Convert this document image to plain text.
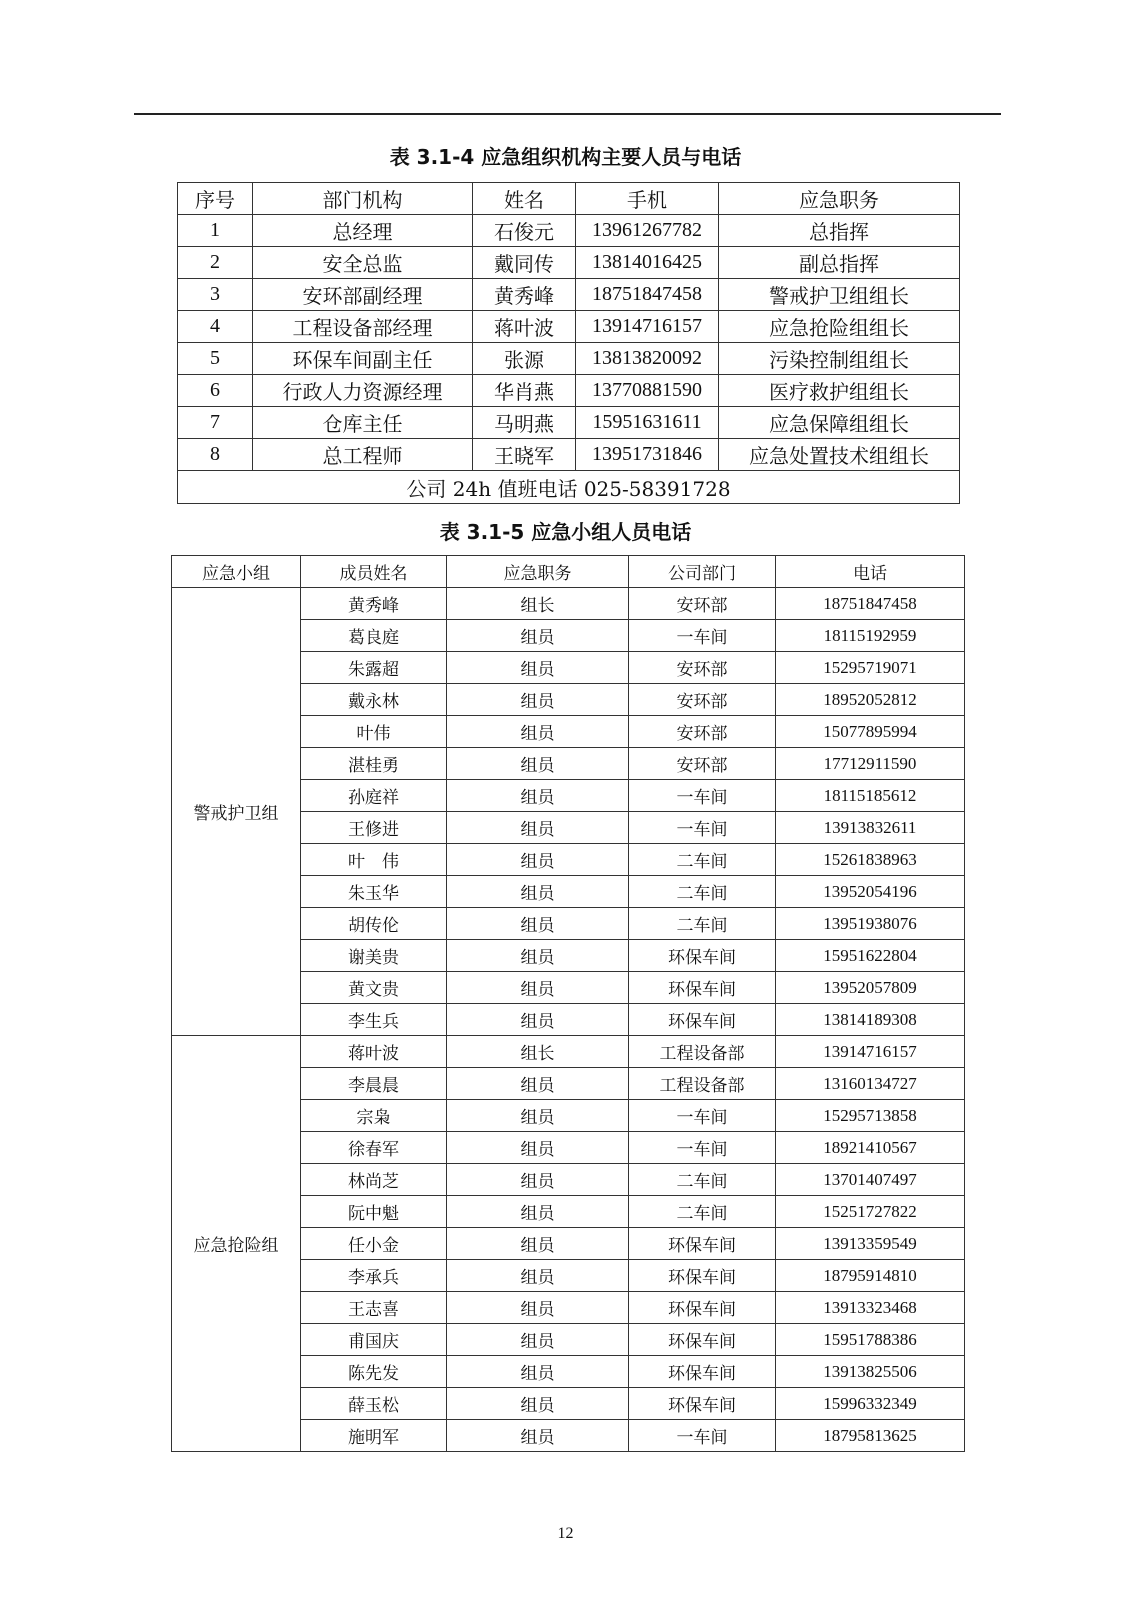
表 3.1-4 应急组织机构主要人员与电话
序号	部门机构	姓名	手机	应急职务
1	总经理	石俊元	13961267782	总指挥
2	安全总监	戴同传	13814016425	副总指挥
3	安环部副经理	黄秀峰	18751847458	警戒护卫组组长
4	工程设备部经理	蒋叶波	13914716157	应急抢险组组长
5	环保车间副主任	张源	13813820092	污染控制组组长
6	行政人力资源经理	华肖燕	13770881590	医疗救护组组长
7	仓库主任	马明燕	15951631611	应急保障组组长
8	总工程师	王晓军	13951731846	应急处置技术组组长
公司 24h 值班电话 025-58391728				
表 3.1-5 应急小组人员电话
应急小组	成员姓名	应急职务	公司部门	电话
警戒护卫组	黄秀峰	组长	安环部	18751847458
	葛良庭	组员	一车间	18115192959
	朱露超	组员	安环部	15295719071
	戴永林	组员	安环部	18952052812
	叶伟	组员	安环部	15077895994
	湛桂勇	组员	安环部	17712911590
	孙庭祥	组员	一车间	18115185612
	王修进	组员	一车间	13913832611
	叶　伟	组员	二车间	15261838963
	朱玉华	组员	二车间	13952054196
	胡传伦	组员	二车间	13951938076
	谢美贵	组员	环保车间	15951622804
	黄文贵	组员	环保车间	13952057809
	李生兵	组员	环保车间	13814189308
应急抢险组	蒋叶波	组长	工程设备部	13914716157
	李晨晨	组员	工程设备部	13160134727
	宗枭	组员	一车间	15295713858
	徐春军	组员	一车间	18921410567
	林尚芝	组员	二车间	13701407497
	阮中魁	组员	二车间	15251727822
	任小金	组员	环保车间	13913359549
	李承兵	组员	环保车间	18795914810
	王志喜	组员	环保车间	13913323468
	甫国庆	组员	环保车间	15951788386
	陈先发	组员	环保车间	13913825506
	薛玉松	组员	环保车间	15996332349
	施明军	组员	一车间	18795813625
12
